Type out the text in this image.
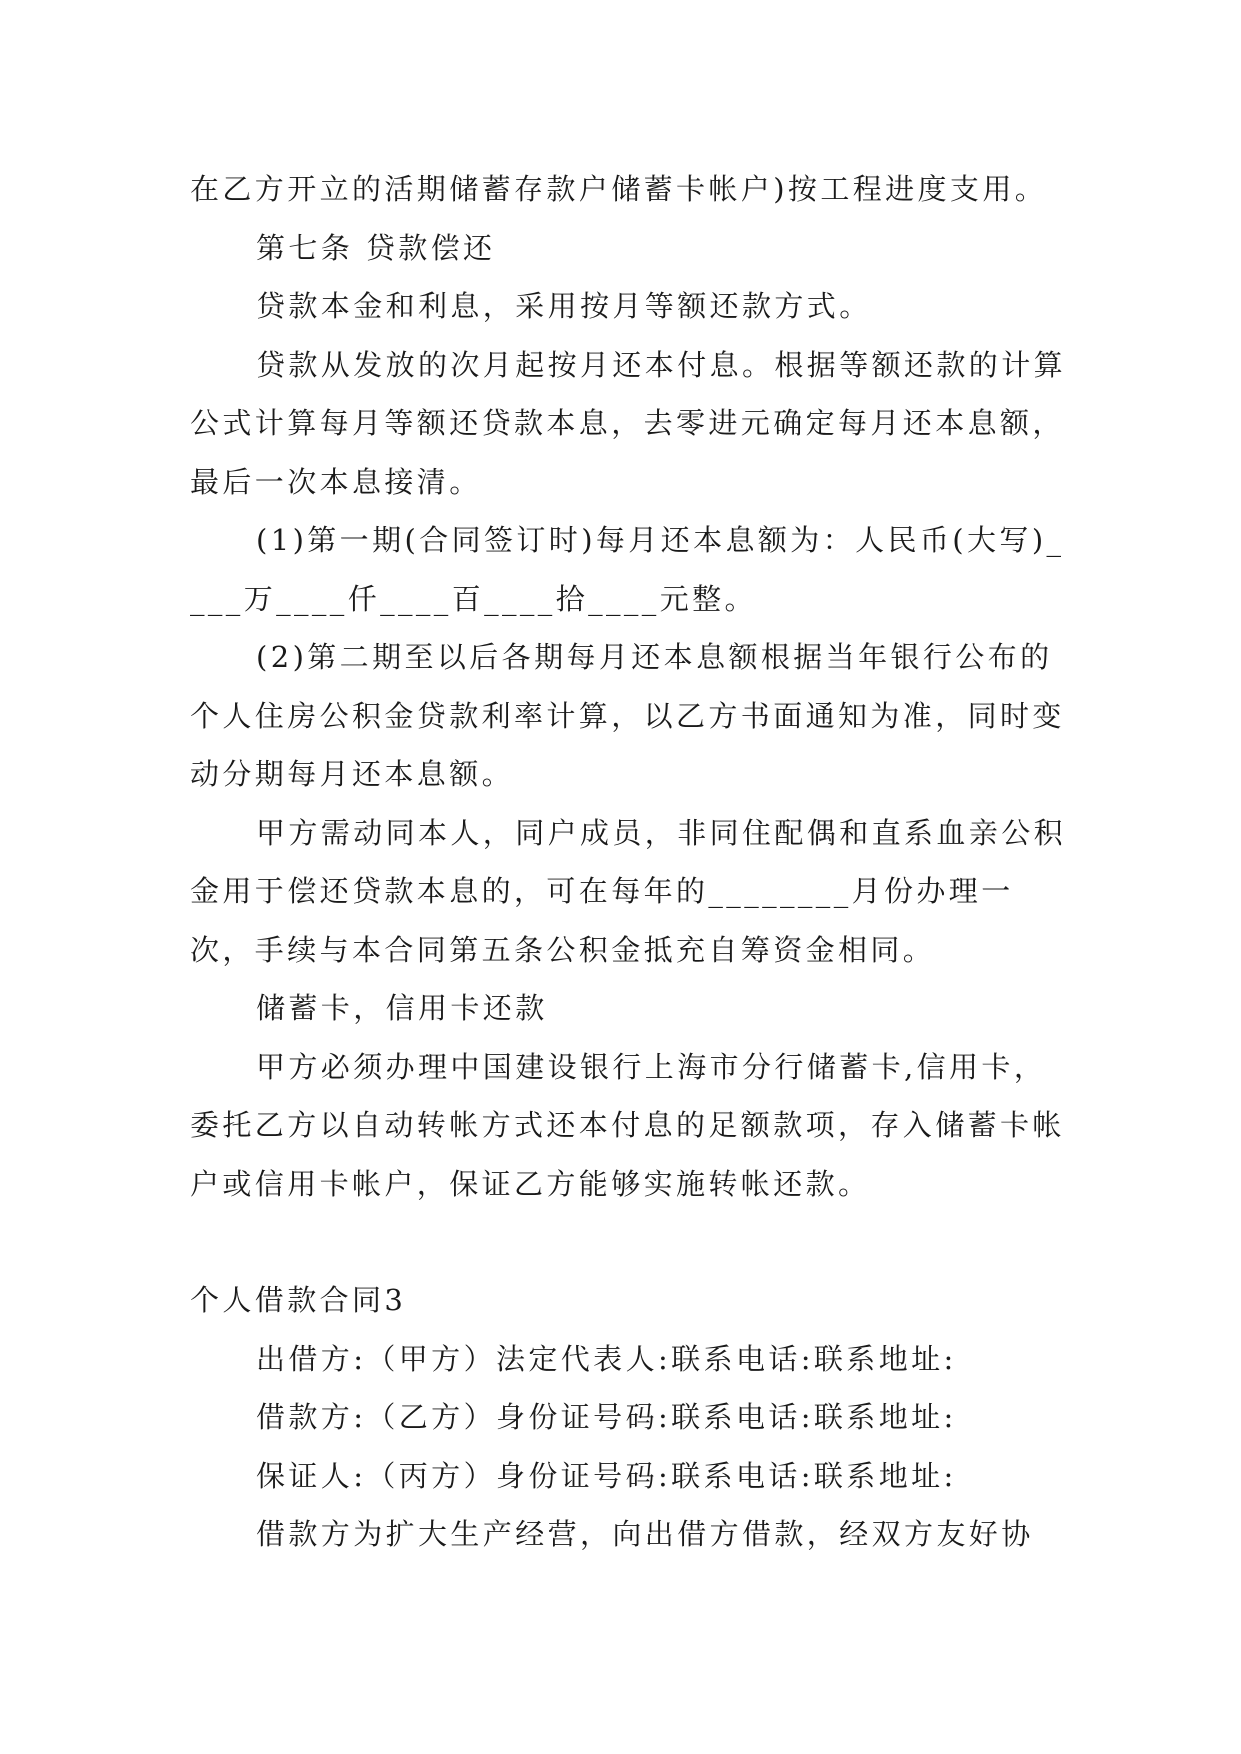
在乙方开立的活期储蓄存款户储蓄卡帐户)按工程进度支用。

第七条 贷款偿还

贷款本金和利息，采用按月等额还款方式。

贷款从发放的次月起按月还本付息。根据等额还款的计算公式计算每月等额还贷款本息，去零进元确定每月还本息额，最后一次本息接清。

(1)第一期(合同签订时)每月还本息额为：人民币(大写)____万____仟____百____拾____元整。

(2)第二期至以后各期每月还本息额根据当年银行公布的个人住房公积金贷款利率计算，以乙方书面通知为准，同时变动分期每月还本息额。

甲方需动同本人，同户成员，非同住配偶和直系血亲公积金用于偿还贷款本息的，可在每年的________月份办理一次，手续与本合同第五条公积金抵充自筹资金相同。

储蓄卡，信用卡还款

甲方必须办理中国建设银行上海市分行储蓄卡,信用卡，委托乙方以自动转帐方式还本付息的足额款项，存入储蓄卡帐户或信用卡帐户，保证乙方能够实施转帐还款。

个人借款合同3

出借方:（甲方）法定代表人:联系电话:联系地址:

借款方:（乙方）身份证号码:联系电话:联系地址:

保证人:（丙方）身份证号码:联系电话:联系地址:

借款方为扩大生产经营，向出借方借款，经双方友好协
